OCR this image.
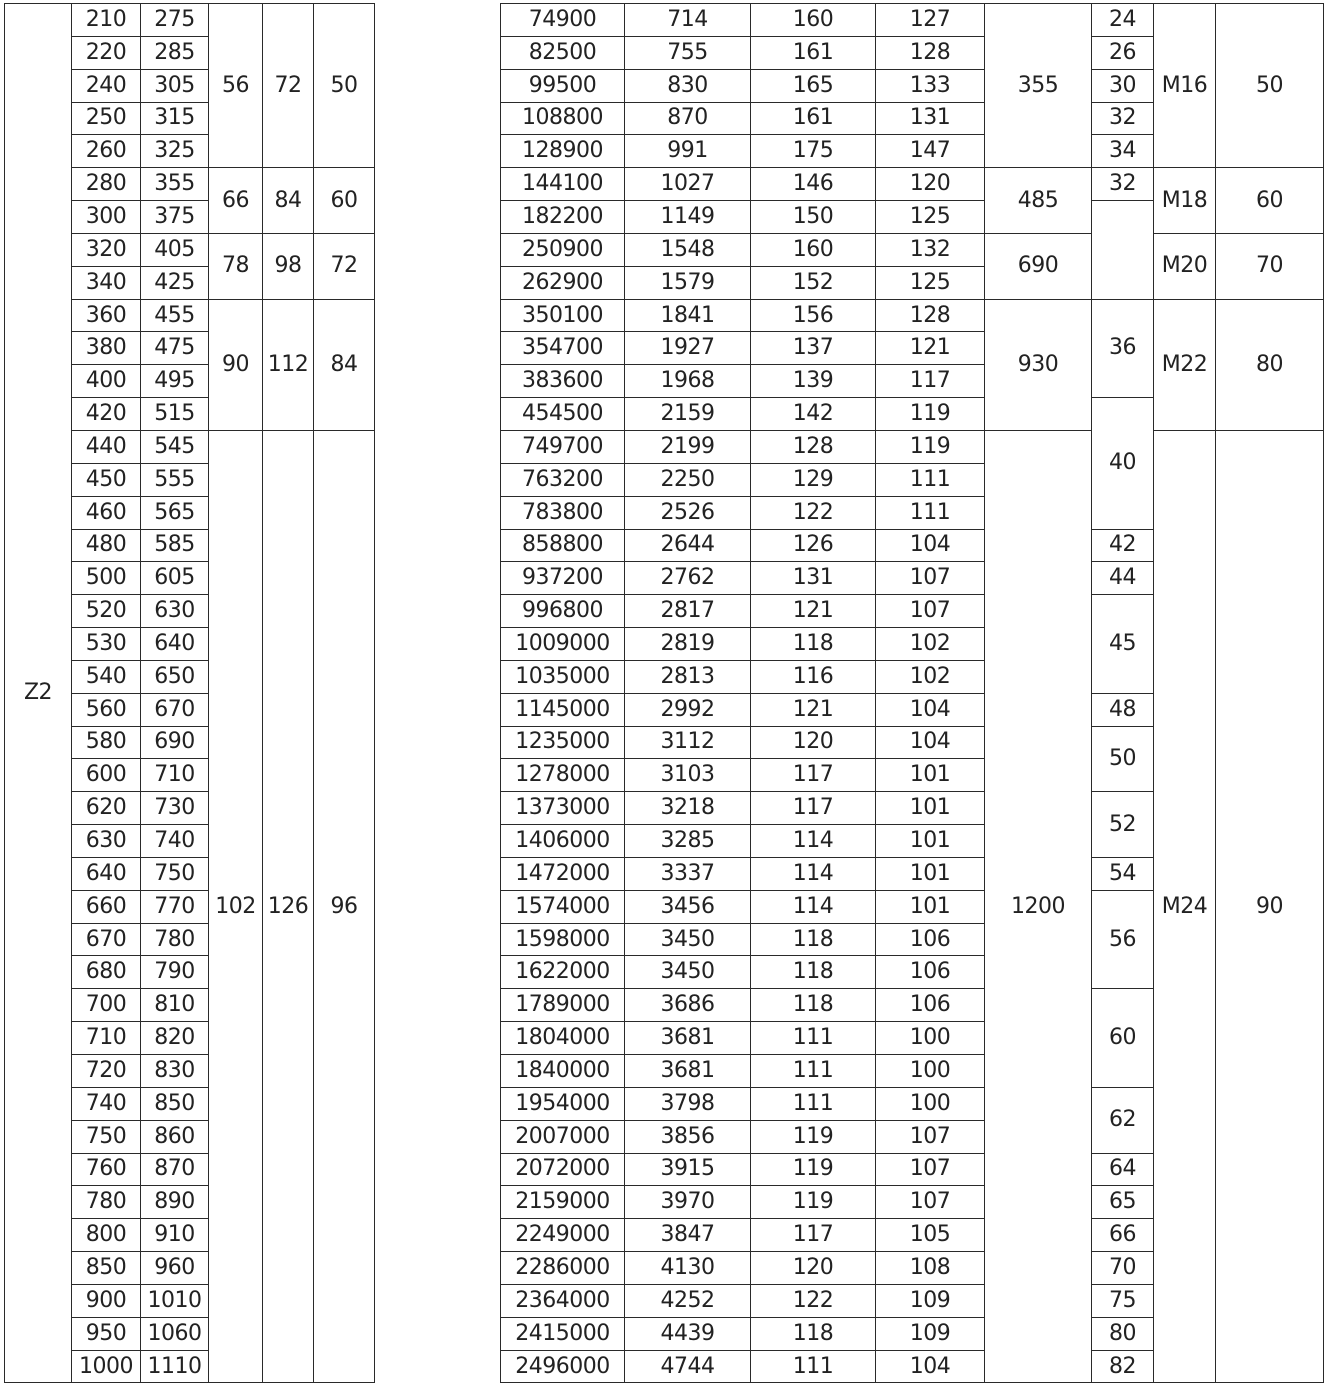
Z2	210	275	56	72	50		74900	714	160	127	355	24	M16	50		
	220	285					82500	755	161	128		26	
	240	305					99500	830	165	133		30	
	250	315					108800	870	161	131		32	
	260	325					128900	991	175	147		34	
	280	355	66	84	60		144100	1027	146	120	485	32	M18	60	
	300	375					182200	1149	150	125		
	320	405	78	98	72		250900	1548	160	132	690		M20	70	
	340	425					262900	1579	152	125	
	360	455	90	112	84		350100	1841	156	128	930	36	M22	80	
	380	475					354700	1927	137	121	
	400	495					383600	1968	139	117	
	420	515					454500	2159	142	119		40	
	440	545	102	126	96		749700	2199	128	119	1200		M24	90	
	450	555					763200	2250	129	111	
	460	565					783800	2526	122	111	
	480	585					858800	2644	126	104		42	
	500	605					937200	2762	131	107		44	
	520	630					996800	2817	121	107		45	
	530	640					1009000	2819	118	102	
	540	650					1035000	2813	116	102	
	560	670					1145000	2992	121	104		48	
	580	690					1235000	3112	120	104		50	
	600	710					1278000	3103	117	101	
	620	730					1373000	3218	117	101		52	
	630	740					1406000	3285	114	101	
	640	750					1472000	3337	114	101		54	
	660	770					1574000	3456	114	101		56	
	670	780					1598000	3450	118	106	
	680	790					1622000	3450	118	106	
	700	810					1789000	3686	118	106		60	
	710	820					1804000	3681	111	100	
	720	830					1840000	3681	111	100	
	740	850					1954000	3798	111	100		62	
	750	860					2007000	3856	119	107	
	760	870					2072000	3915	119	107		64	
	780	890					2159000	3970	119	107		65	
	800	910					2249000	3847	117	105		66	
	850	960					2286000	4130	120	108		70	
	900	1010					2364000	4252	122	109		75	
	950	1060					2415000	4439	118	109		80	
	1000	1110					2496000	4744	111	104		82	
